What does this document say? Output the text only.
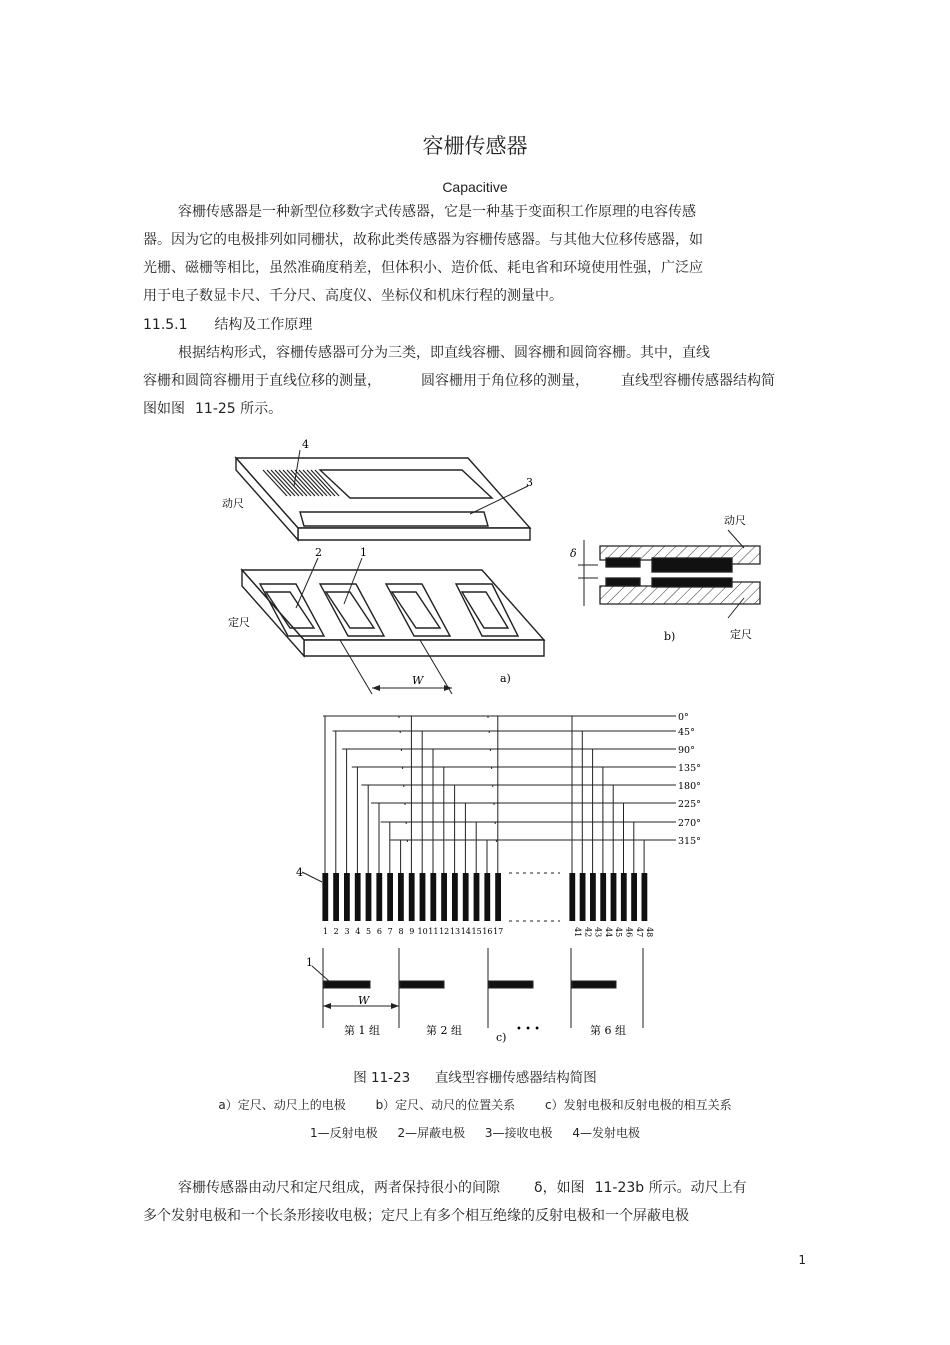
容栅传感器
Capacitive
容栅传感器是一种新型位移数字式传感器，它是一种基于变面积工作原理的电容传感
器。因为它的电极排列如同栅状，故称此类传感器为容栅传感器。与其他大位移传感器，如
光栅、磁栅等相比，虽然准确度稍差，但体积小、造价低、耗电省和环境使用性强，广泛应
用于电子数显卡尺、千分尺、高度仪、坐标仪和机床行程的测量中。
11.5.1 结构及工作原理
根据结构形式，容栅传感器可分为三类，即直线容栅、圆容栅和圆筒容栅。其中，直线
容栅和圆筒容栅用于直线位移的测量，	圆容栅用于角位移的测量， 直线型容栅传感器结构简
图如图 11-25 所示。
4
3
动尺
2	1
定尺
W	a)
δ
动尺
定尺
b)
0°
45°
90°
135°
180°
225°
270°
315°
1 2 3 4 5 6 7 8 9 10 11 12 13 14 15 16 17	41 42 43 44 45 46 47 48
4
1
W
第 1 组	第 2 组	• • •	第 6 组
c)
图 11-23 直线型容栅传感器结构简图
a）定尺、动尺上的电极 b）定尺、动尺的位置关系 c）发射电极和反射电极的相互关系
1—反射电极 2—屏蔽电极 3—接收电极 4—发射电极
容栅传感器由动尺和定尺组成，两者保持很小的间隙 δ，如图 11-23b 所示。动尺上有
多个发射电极和一个长条形接收电极；定尺上有多个相互绝缘的反射电极和一个屏蔽电极
1
